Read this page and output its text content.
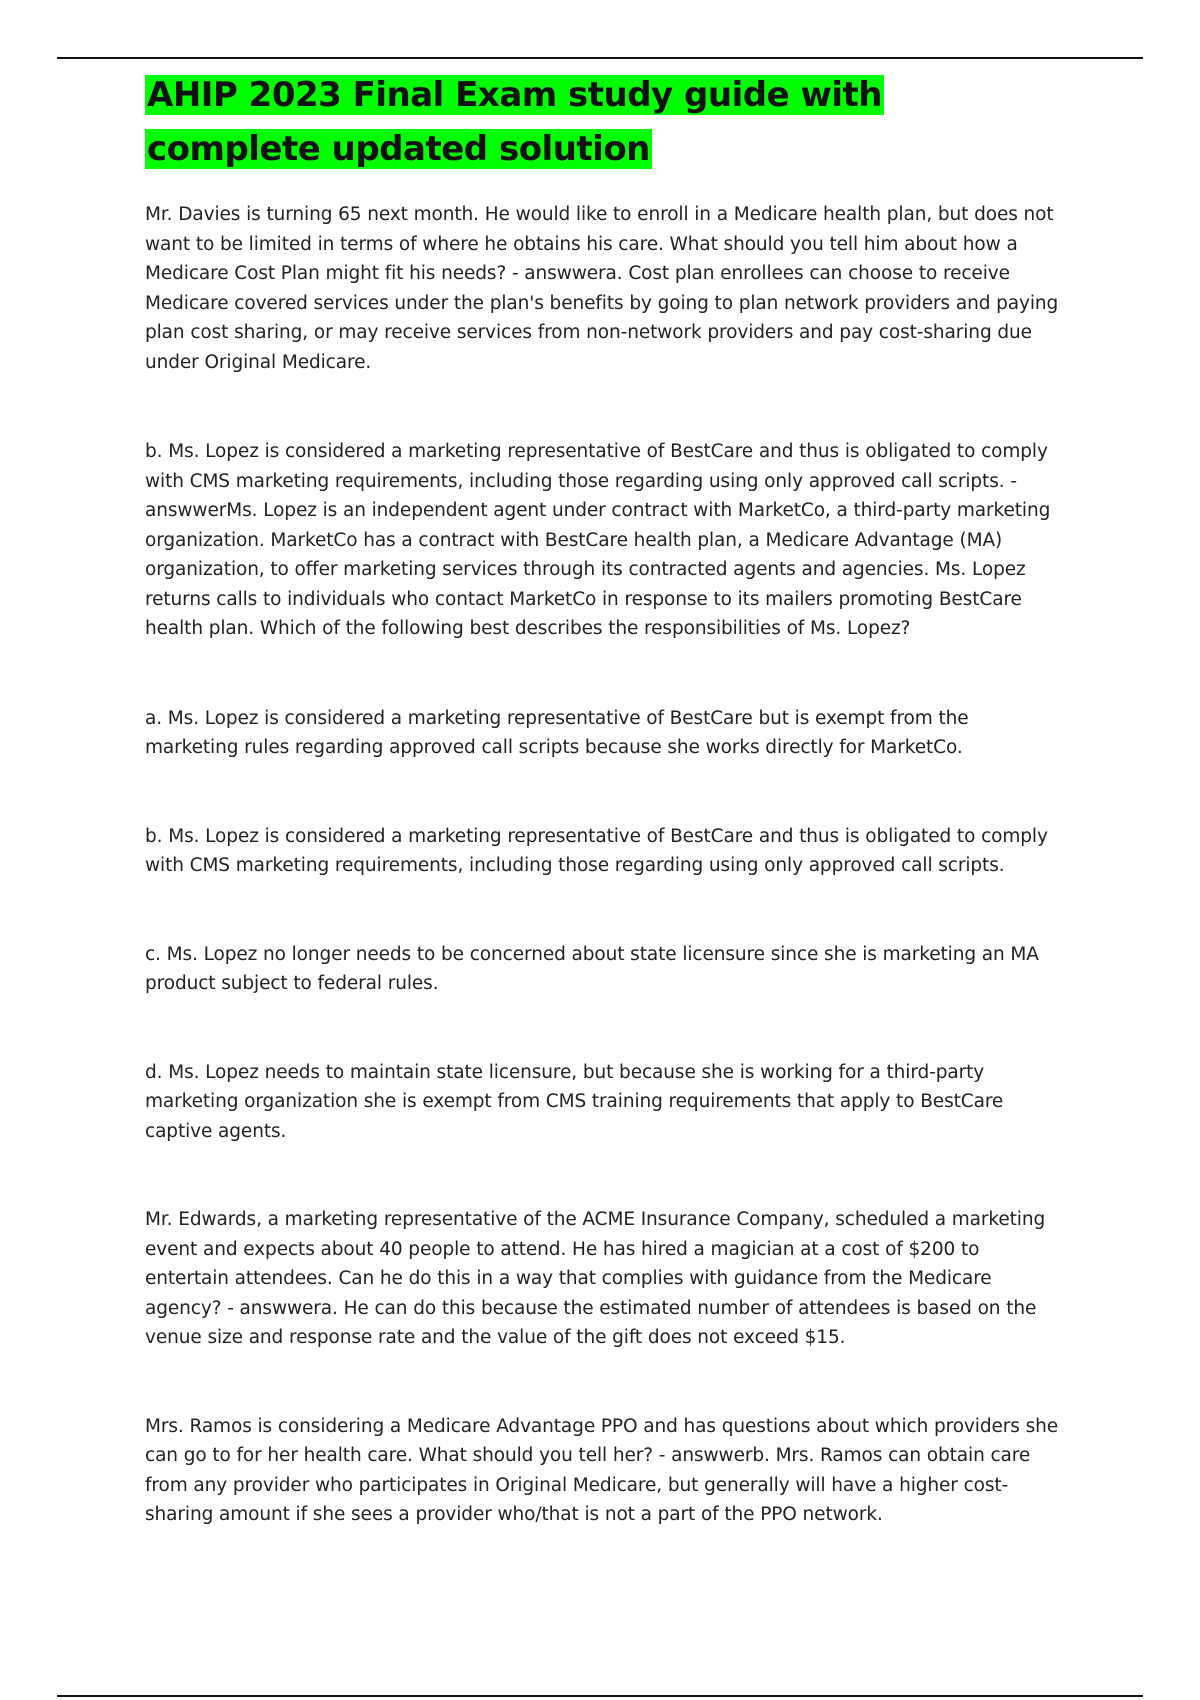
AHIP 2023 Final Exam study guide with complete updated solution

Mr. Davies is turning 65 next month. He would like to enroll in a Medicare health plan, but does not want to be limited in terms of where he obtains his care. What should you tell him about how a Medicare Cost Plan might fit his needs? - answwera. Cost plan enrollees can choose to receive Medicare covered services under the plan's benefits by going to plan network providers and paying plan cost sharing, or may receive services from non-network providers and pay cost-sharing due under Original Medicare.

b. Ms. Lopez is considered a marketing representative of BestCare and thus is obligated to comply with CMS marketing requirements, including those regarding using only approved call scripts. - answwerMs. Lopez is an independent agent under contract with MarketCo, a third-party marketing organization. MarketCo has a contract with BestCare health plan, a Medicare Advantage (MA) organization, to offer marketing services through its contracted agents and agencies. Ms. Lopez returns calls to individuals who contact MarketCo in response to its mailers promoting BestCare health plan. Which of the following best describes the responsibilities of Ms. Lopez?

a. Ms. Lopez is considered a marketing representative of BestCare but is exempt from the marketing rules regarding approved call scripts because she works directly for MarketCo.

b. Ms. Lopez is considered a marketing representative of BestCare and thus is obligated to comply with CMS marketing requirements, including those regarding using only approved call scripts.

c. Ms. Lopez no longer needs to be concerned about state licensure since she is marketing an MA product subject to federal rules.

d. Ms. Lopez needs to maintain state licensure, but because she is working for a third-party marketing organization she is exempt from CMS training requirements that apply to BestCare captive agents.

Mr. Edwards, a marketing representative of the ACME Insurance Company, scheduled a marketing event and expects about 40 people to attend. He has hired a magician at a cost of $200 to entertain attendees. Can he do this in a way that complies with guidance from the Medicare agency? - answwera. He can do this because the estimated number of attendees is based on the venue size and response rate and the value of the gift does not exceed $15.

Mrs. Ramos is considering a Medicare Advantage PPO and has questions about which providers she can go to for her health care. What should you tell her? - answwerb. Mrs. Ramos can obtain care from any provider who participates in Original Medicare, but generally will have a higher cost-sharing amount if she sees a provider who/that is not a part of the PPO network.
